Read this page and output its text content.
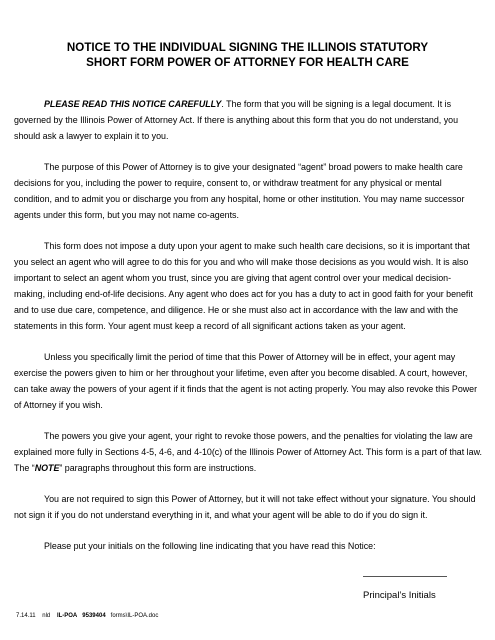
NOTICE TO THE INDIVIDUAL SIGNING THE ILLINOIS STATUTORY
SHORT FORM POWER OF ATTORNEY FOR HEALTH CARE

PLEASE READ THIS NOTICE CAREFULLY. The form that you will be signing is a legal document. It is governed by the Illinois Power of Attorney Act. If there is anything about this form that you do not understand, you should ask a lawyer to explain it to you.

The purpose of this Power of Attorney is to give your designated “agent” broad powers to make health care decisions for you, including the power to require, consent to, or withdraw treatment for any physical or mental condition, and to admit you or discharge you from any hospital, home or other institution. You may name successor agents under this form, but you may not name co-agents.

This form does not impose a duty upon your agent to make such health care decisions, so it is important that you select an agent who will agree to do this for you and who will make those decisions as you would wish. It is also important to select an agent whom you trust, since you are giving that agent control over your medical decision-making, including end-of-life decisions. Any agent who does act for you has a duty to act in good faith for your benefit and to use due care, competence, and diligence. He or she must also act in accordance with the law and with the statements in this form. Your agent must keep a record of all significant actions taken as your agent.

Unless you specifically limit the period of time that this Power of Attorney will be in effect, your agent may exercise the powers given to him or her throughout your lifetime, even after you become disabled. A court, however, can take away the powers of your agent if it finds that the agent is not acting properly. You may also revoke this Power of Attorney if you wish.

The powers you give your agent, your right to revoke those powers, and the penalties for violating the law are explained more fully in Sections 4-5, 4-6, and 4-10(c) of the Illinois Power of Attorney Act. This form is a part of that law. The “NOTE” paragraphs throughout this form are instructions.

You are not required to sign this Power of Attorney, but it will not take effect without your signature. You should not sign it if you do not understand everything in it, and what your agent will be able to do if you do sign it.

Please put your initials on the following line indicating that you have read this Notice:

Principal’s Initials
7.14.11 nld IL-POA 9539404 forms\IL-POA.doc
